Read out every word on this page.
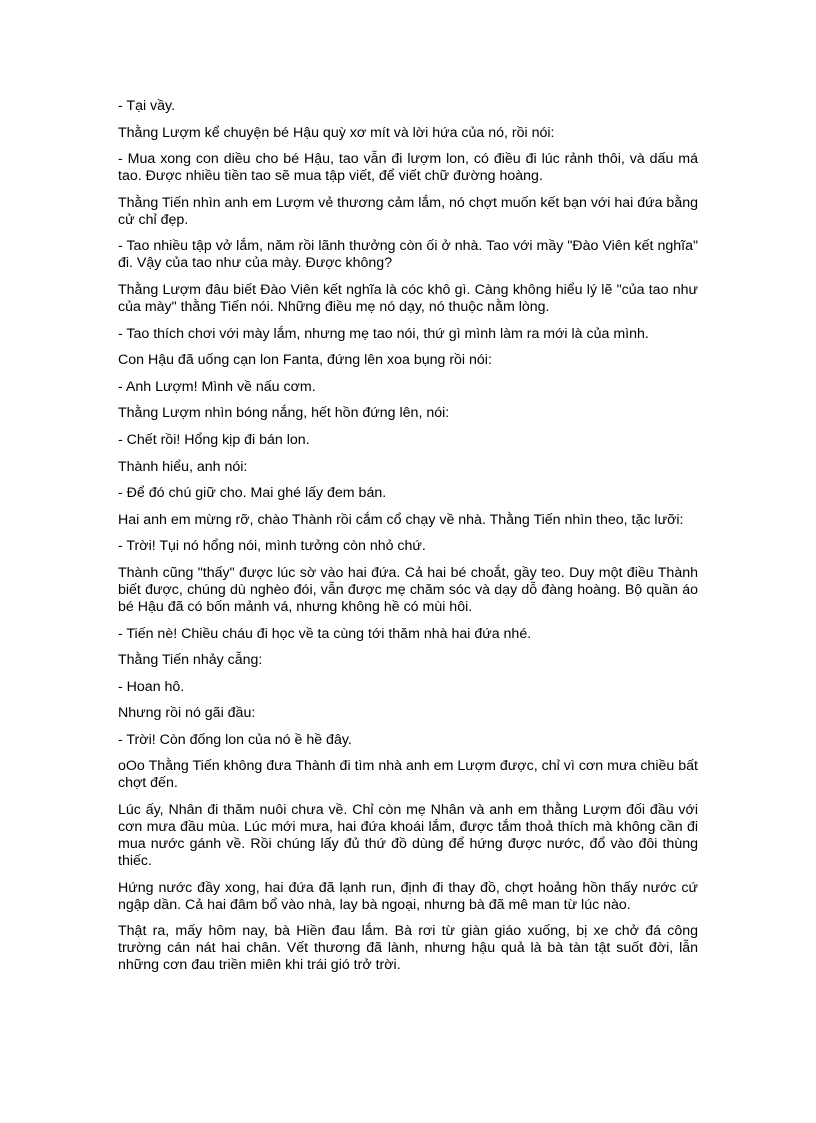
- Tại vầy.

Thằng Lượm kể chuyện bé Hậu quỳ xơ mít và lời hứa của nó, rồi nói:

- Mua xong con diều cho bé Hậu, tao vẫn đi lượm lon, có điều đi lúc rảnh thôi, và dấu má tao. Được nhiều tiền tao sẽ mua tập viết, để viết chữ đường hoàng.

Thằng Tiến nhìn anh em Lượm vẻ thương cảm lắm, nó chợt muốn kết bạn với hai đứa bằng cử chỉ đẹp.

- Tao nhiều tập vở lắm, năm rồi lãnh thưởng còn ối ở nhà. Tao với mầy "Đào Viên kết nghĩa" đi. Vậy của tao như của mày. Được không?

Thằng Lượm đâu biết Đào Viên kết nghĩa là cóc khô gì. Càng không hiểu lý lẽ "của tao như của mày" thằng Tiến nói. Những điều mẹ nó dạy, nó thuộc nằm lòng.

- Tao thích chơi với mày lắm, nhưng mẹ tao nói, thứ gì mình làm ra mới là của mình.

Con Hậu đã uống cạn lon Fanta, đứng lên xoa bụng rồi nói:

- Anh Lượm! Mình về nấu cơm.

Thằng Lượm nhìn bóng nắng, hết hồn đứng lên, nói:

- Chết rồi! Hổng kịp đi bán lon.

Thành hiểu, anh nói:

- Để đó chú giữ cho. Mai ghé lấy đem bán.

Hai anh em mừng rỡ, chào Thành rồi cắm cổ chạy về nhà. Thằng Tiến nhìn theo, tặc lưỡi:

- Trời! Tụi nó hổng nói, mình tưởng còn nhỏ chứ.

Thành cũng "thấy" được lúc sờ vào hai đứa. Cả hai bé choắt, gầy teo. Duy một điều Thành biết được, chúng dù nghèo đói, vẫn được mẹ chăm sóc và dạy dỗ đàng hoàng. Bộ quần áo bé Hậu đã có bốn mảnh vá, nhưng không hề có mùi hôi.

- Tiến nè! Chiều cháu đi học về ta cùng tới thăm nhà hai đứa nhé.

Thằng Tiến nhảy cẫng:

- Hoan hô.

Nhưng rồi nó gãi đầu:

- Trời! Còn đống lon của nó ề hề đây.

oOo Thằng Tiến không đưa Thành đi tìm nhà anh em Lượm được, chỉ vì cơn mưa chiều bất chợt đến.

Lúc ấy, Nhân đi thăm nuôi chưa về. Chỉ còn mẹ Nhân và anh em thằng Lượm đối đầu với cơn mưa đầu mùa. Lúc mới mưa, hai đứa khoái lắm, được tắm thoả thích mà không cần đi mua nước gánh về. Rồi chúng lấy đủ thứ đồ dùng để hứng được nước, đổ vào đôi thùng thiếc.

Hứng nước đầy xong, hai đứa đã lạnh run, định đi thay đồ, chợt hoảng hồn thấy nước cứ ngập dần. Cả hai đâm bổ vào nhà, lay bà ngoại, nhưng bà đã mê man từ lúc nào.

Thật ra, mấy hôm nay, bà Hiền đau lắm. Bà rơi từ giàn giáo xuống, bị xe chở đá công trường cán nát hai chân. Vết thương đã lành, nhưng hậu quả là bà tàn tật suốt đời, lẫn những cơn đau triền miên khi trái gió trở trời.
